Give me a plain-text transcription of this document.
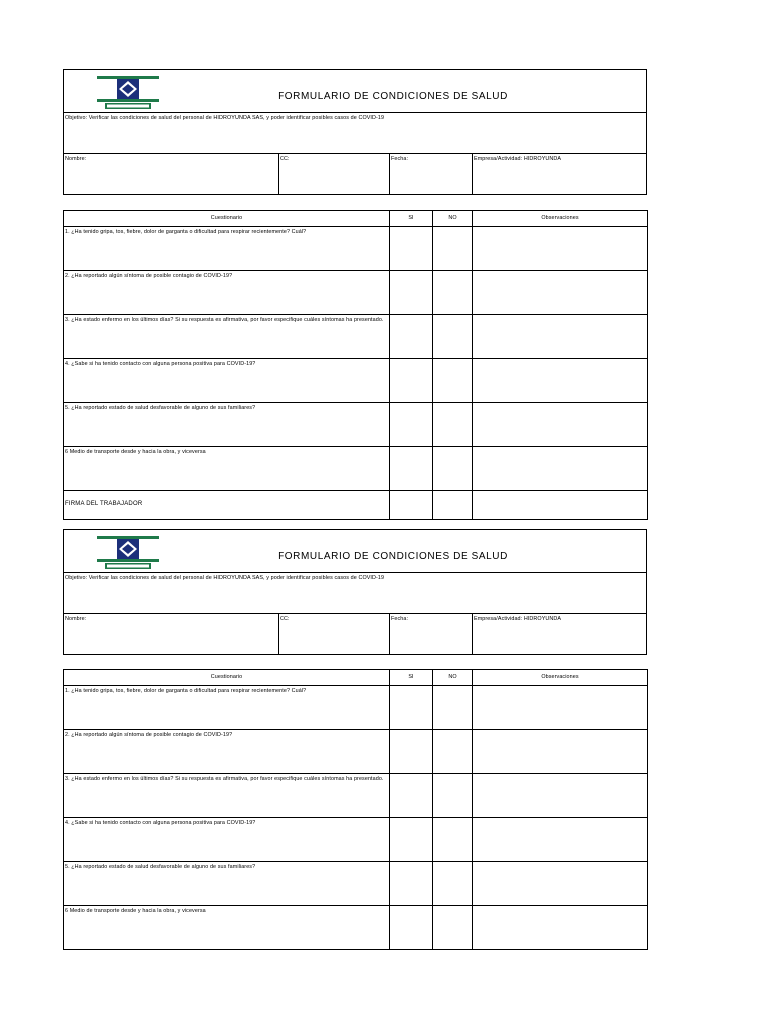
FORMULARIO DE CONDICIONES DE SALUD
Objetivo: Verificar las condiciones de salud del personal de HIDROYUNDA SAS, y poder identificar posibles casos de COVID-19
Nombre:	CC:	Fecha:	Empresa/Actividad: HIDROYUNDA
Cuestionario	SI	NO	Observaciones

1. ¿Ha tenido gripa, tos, fiebre, dolor de garganta o dificultad para respirar recientemente? Cuál?			

2. ¿Ha reportado algún síntoma de posible contagio de COVID-19?			

3. ¿Ha estado enfermo en los últimos días? Si su respuesta es afirmativa, por favor especifique cuáles síntomas ha presentado.			

4. ¿Sabe si ha tenido contacto con alguna persona positiva para COVID-19?			

5. ¿Ha reportado estado de salud desfavorable de alguno de sus familiares?			

6 Medio de transporte desde y hacia la obra, y viceversa			

FIRMA DEL TRABAJADOR			
FORMULARIO DE CONDICIONES DE SALUD
Objetivo: Verificar las condiciones de salud del personal de HIDROYUNDA SAS, y poder identificar posibles casos de COVID-19
Nombre:	CC:	Fecha:	Empresa/Actividad: HIDROYUNDA
Cuestionario	SI	NO	Observaciones

1. ¿Ha tenido gripa, tos, fiebre, dolor de garganta o dificultad para respirar recientemente? Cuál?			

2. ¿Ha reportado algún síntoma de posible contagio de COVID-19?			

3. ¿Ha estado enfermo en los últimos días? Si su respuesta es afirmativa, por favor especifique cuáles síntomas ha presentado.			

4. ¿Sabe si ha tenido contacto con alguna persona positiva para COVID-19?			

5. ¿Ha reportado estado de salud desfavorable de alguno de sus familiares?			

6 Medio de transporte desde y hacia la obra, y viceversa			
